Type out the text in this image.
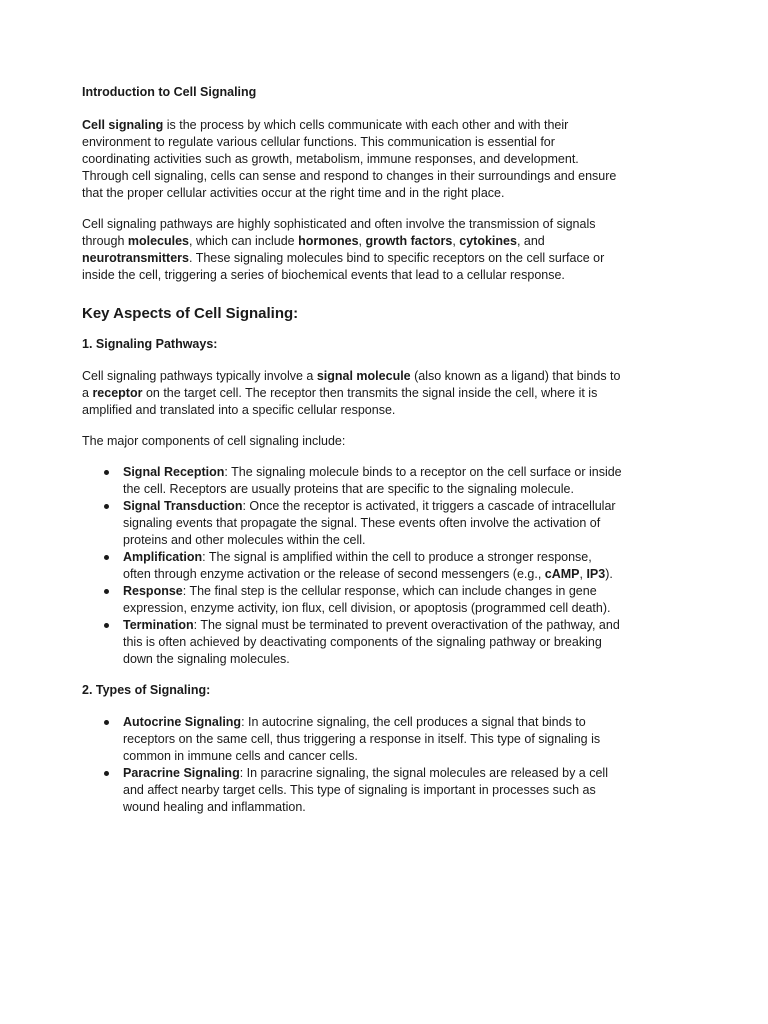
Introduction to Cell Signaling

Cell signaling is the process by which cells communicate with each other and with their environment to regulate various cellular functions. This communication is essential for coordinating activities such as growth, metabolism, immune responses, and development. Through cell signaling, cells can sense and respond to changes in their surroundings and ensure that the proper cellular activities occur at the right time and in the right place.

Cell signaling pathways are highly sophisticated and often involve the transmission of signals through molecules, which can include hormones, growth factors, cytokines, and neurotransmitters. These signaling molecules bind to specific receptors on the cell surface or inside the cell, triggering a series of biochemical events that lead to a cellular response.

Key Aspects of Cell Signaling:
1. Signaling Pathways:

Cell signaling pathways typically involve a signal molecule (also known as a ligand) that binds to a receptor on the target cell. The receptor then transmits the signal inside the cell, where it is amplified and translated into a specific cellular response.

The major components of cell signaling include:

Signal Reception: The signaling molecule binds to a receptor on the cell surface or inside the cell. Receptors are usually proteins that are specific to the signaling molecule.
Signal Transduction: Once the receptor is activated, it triggers a cascade of intracellular signaling events that propagate the signal. These events often involve the activation of proteins and other molecules within the cell.
Amplification: The signal is amplified within the cell to produce a stronger response, often through enzyme activation or the release of second messengers (e.g., cAMP, IP3).
Response: The final step is the cellular response, which can include changes in gene expression, enzyme activity, ion flux, cell division, or apoptosis (programmed cell death).
Termination: The signal must be terminated to prevent overactivation of the pathway, and this is often achieved by deactivating components of the signaling pathway or breaking down the signaling molecules.
2. Types of Signaling:
Autocrine Signaling: In autocrine signaling, the cell produces a signal that binds to receptors on the same cell, thus triggering a response in itself. This type of signaling is common in immune cells and cancer cells.
Paracrine Signaling: In paracrine signaling, the signal molecules are released by a cell and affect nearby target cells. This type of signaling is important in processes such as wound healing and inflammation.
